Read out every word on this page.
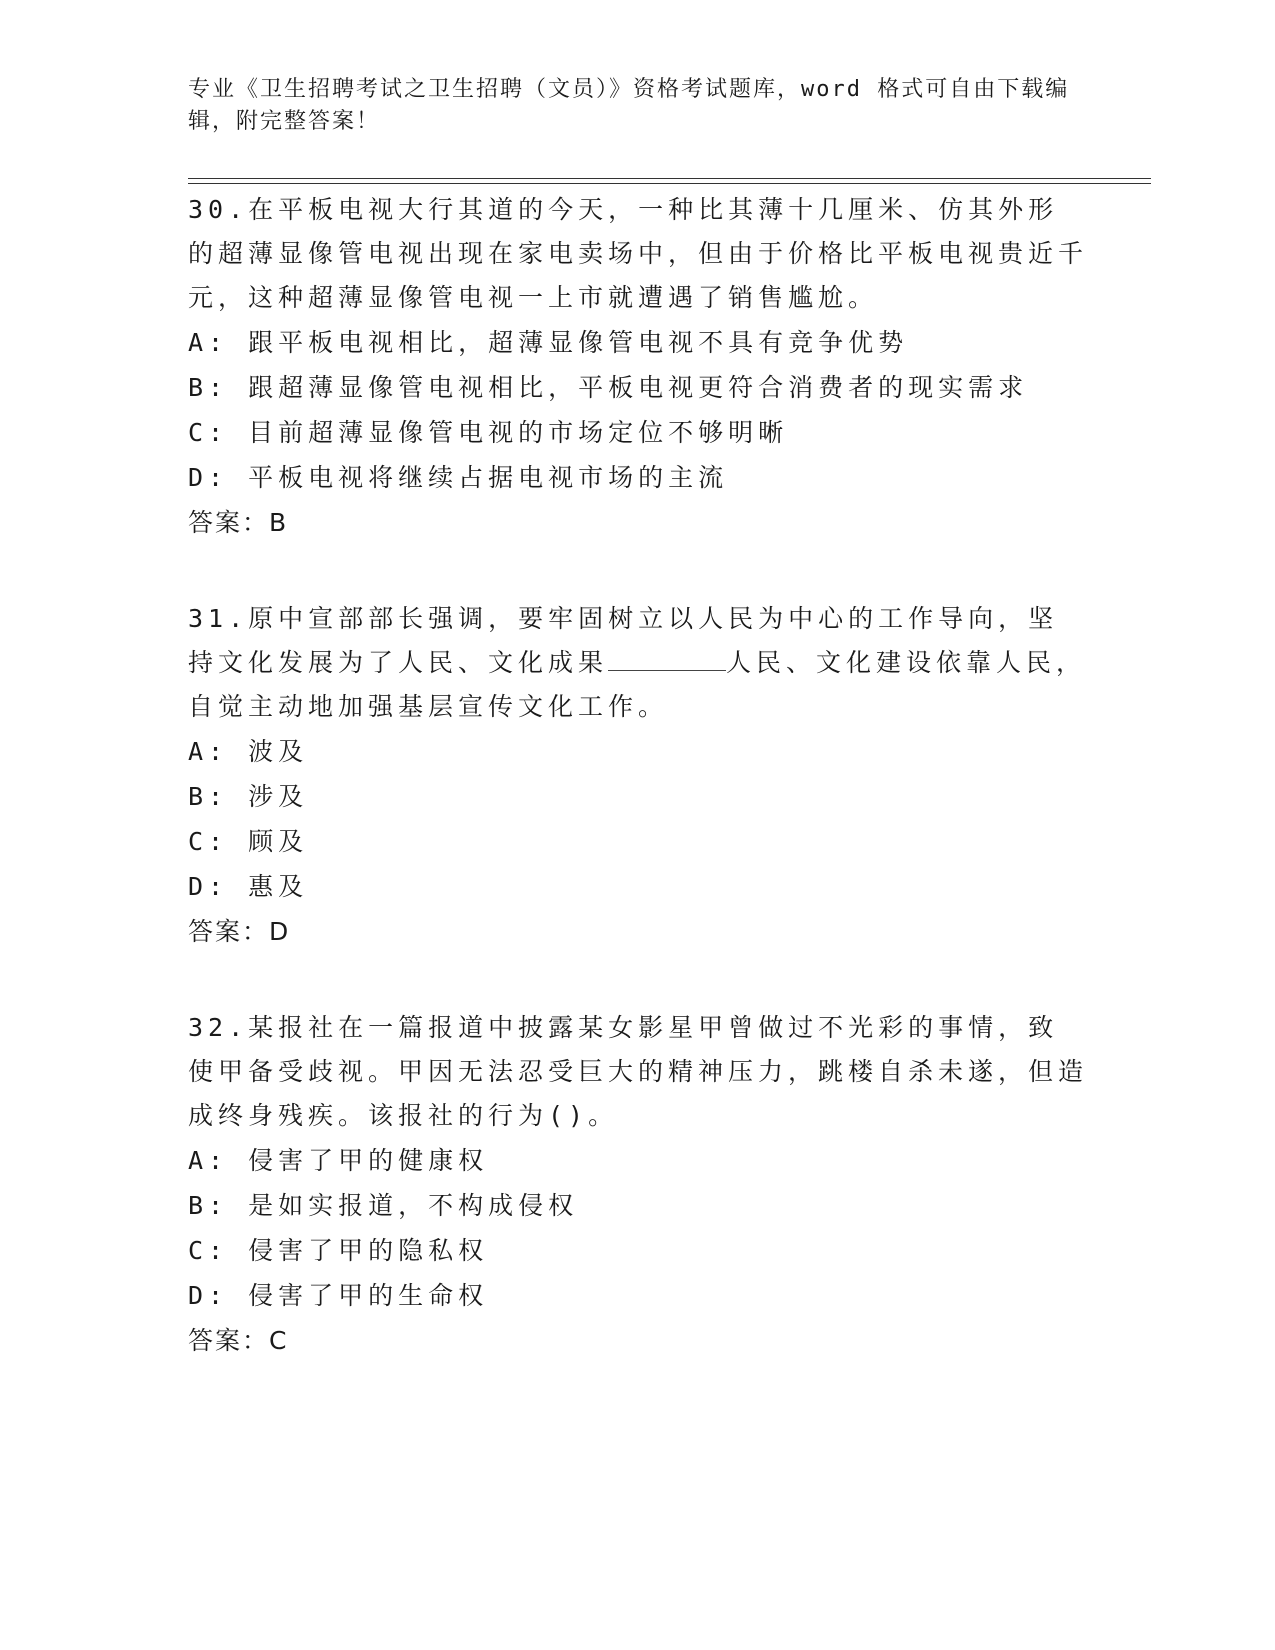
专业《卫生招聘考试之卫生招聘（文员）》资格考试题库，word 格式可自由下载编辑，附完整答案！

30.在平板电视大行其道的今天，一种比其薄十几厘米、仿其外形的超薄显像管电视出现在家电卖场中，但由于价格比平板电视贵近千元，这种超薄显像管电视一上市就遭遇了销售尴尬。

A: 跟平板电视相比，超薄显像管电视不具有竞争优势

B: 跟超薄显像管电视相比，平板电视更符合消费者的现实需求

C: 目前超薄显像管电视的市场定位不够明晰

D: 平板电视将继续占据电视市场的主流

答案：B

31.原中宣部部长强调，要牢固树立以人民为中心的工作导向，坚持文化发展为了人民、文化成果	人民、文化建设依靠人民，自觉主动地加强基层宣传文化工作。

A: 波及

B: 涉及

C: 顾及

D: 惠及

答案：D

32.某报社在一篇报道中披露某女影星甲曾做过不光彩的事情，致使甲备受歧视。甲因无法忍受巨大的精神压力，跳楼自杀未遂，但造成终身残疾。该报社的行为()。

A: 侵害了甲的健康权

B: 是如实报道，不构成侵权

C: 侵害了甲的隐私权

D: 侵害了甲的生命权

答案：C
